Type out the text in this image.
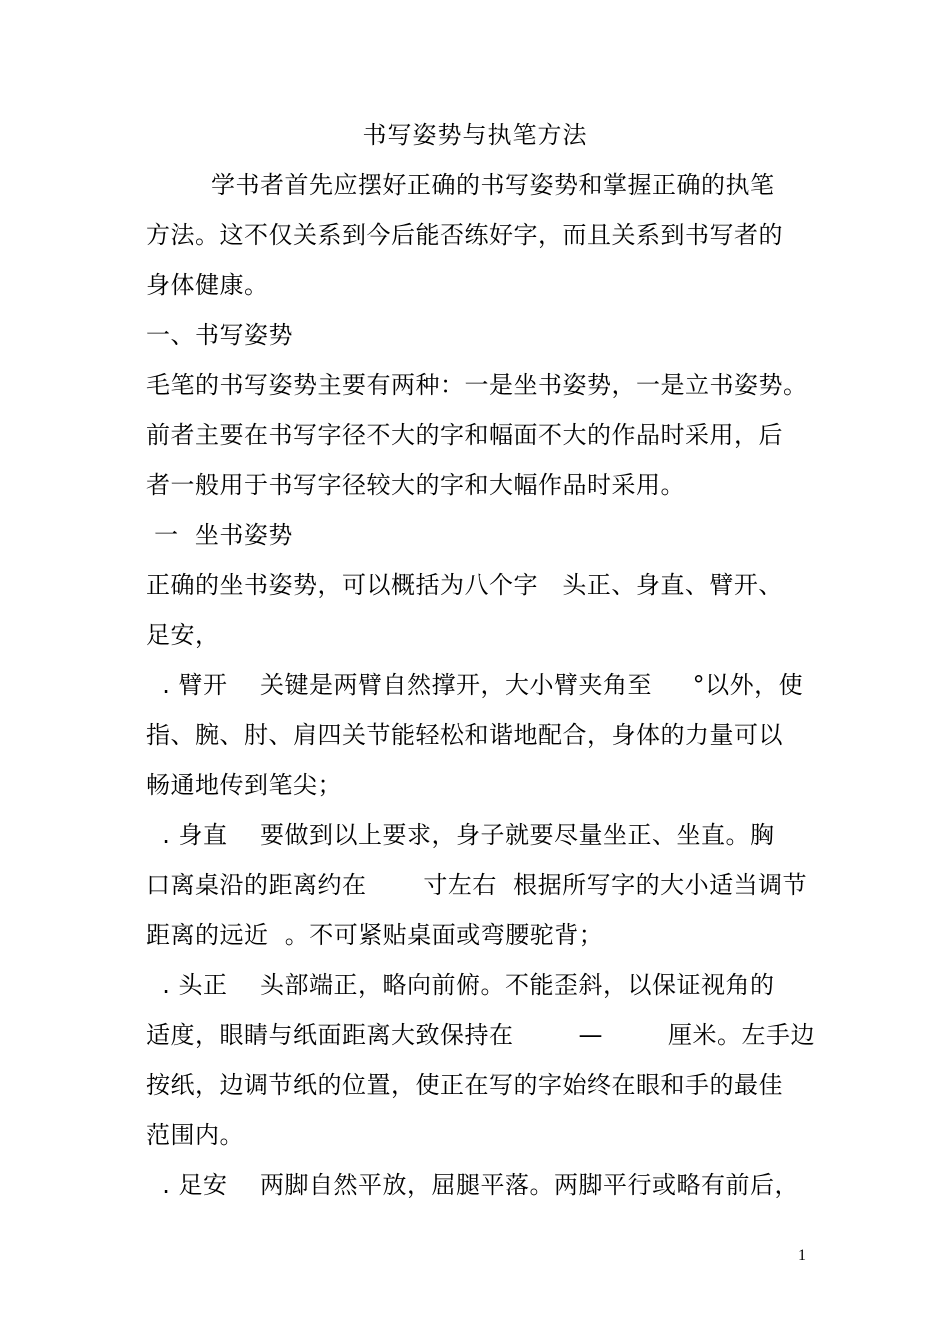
书写姿势与执笔方法
学书者首先应摆好正确的书写姿势和掌握正确的执笔
方法。这不仅关系到今后能否练好字，而且关系到书写者的
身体健康。
一、书写姿势
毛笔的书写姿势主要有两种：一是坐书姿势，一是立书姿势。
前者主要在书写字径不大的字和幅面不大的作品时采用，后
者一般用于书写字径较大的字和大幅作品时采用。
一  坐书姿势
正确的坐书姿势，可以概括为八个字   头正、身直、臂开、
足安，
. 臂开    关键是两臂自然撑开，大小臂夹角至     °以外，使
指、腕、肘、肩四关节能轻松和谐地配合，身体的力量可以
畅通地传到笔尖；
. 身直    要做到以上要求，身子就要尽量坐正、坐直。胸
口离桌沿的距离约在       寸左右  根据所写字的大小适当调节
距离的远近  。不可紧贴桌面或弯腰驼背；
. 头正    头部端正，略向前俯。不能歪斜，以保证视角的
适度，眼睛与纸面距离大致保持在        —        厘米。左手边
按纸，边调节纸的位置，使正在写的字始终在眼和手的最佳
范围内。
. 足安    两脚自然平放，屈腿平落。两脚平行或略有前后，
1
